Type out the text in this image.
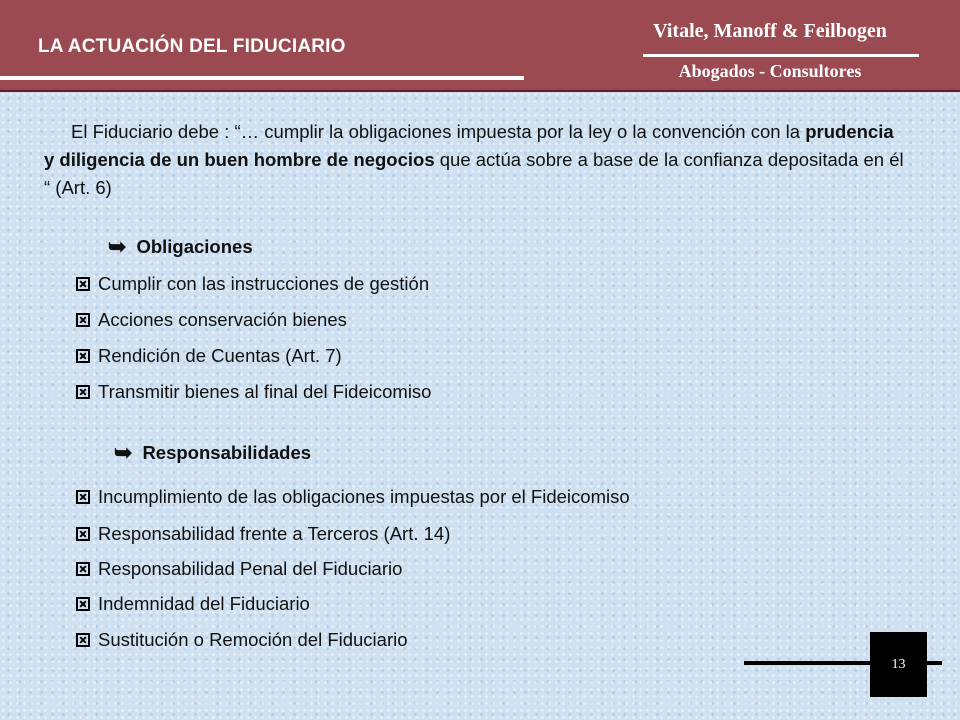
LA ACTUACIÓN DEL FIDUCIARIO
Vitale, Manoff & Feilbogen
Abogados - Consultores
El Fiduciario debe : “… cumplir la obligaciones impuesta por la ley o la convención con la prudencia y diligencia de un buen hombre de negocios que actúa sobre a base de la confianza depositada en él “ (Art. 6)
➥ Obligaciones
Cumplir con las instrucciones de gestión
Acciones conservación bienes
Rendición de Cuentas (Art. 7)
Transmitir bienes al final del Fideicomiso
➥ Responsabilidades
Incumplimiento de las obligaciones impuestas por el Fideicomiso
Responsabilidad frente a Terceros (Art. 14)
Responsabilidad Penal del Fiduciario
Indemnidad del Fiduciario
Sustitución o Remoción del Fiduciario
13
